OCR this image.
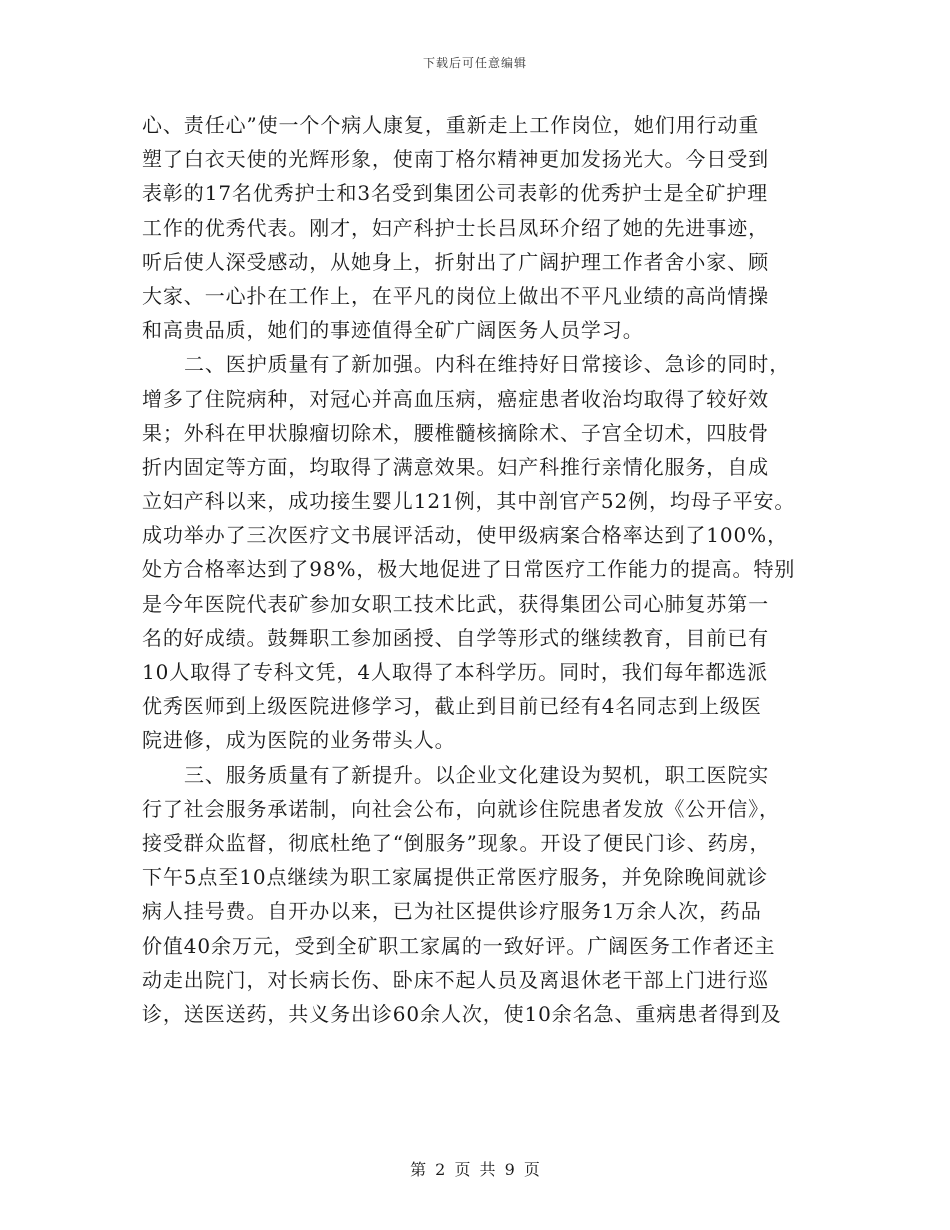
下载后可任意编辑
心、责任心”使一个个病人康复，重新走上工作岗位，她们用行动重
塑了白衣天使的光辉形象，使南丁格尔精神更加发扬光大。今日受到
表彰的17名优秀护士和3名受到集团公司表彰的优秀护士是全矿护理
工作的优秀代表。刚才，妇产科护士长吕凤环介绍了她的先进事迹，
听后使人深受感动，从她身上，折射出了广阔护理工作者舍小家、顾
大家、一心扑在工作上，在平凡的岗位上做出不平凡业绩的高尚情操
和高贵品质，她们的事迹值得全矿广阔医务人员学习。
二、医护质量有了新加强。内科在维持好日常接诊、急诊的同时，
增多了住院病种，对冠心并高血压病，癌症患者收治均取得了较好效
果；外科在甲状腺瘤切除术，腰椎髓核摘除术、子宫全切术，四肢骨
折内固定等方面，均取得了满意效果。妇产科推行亲情化服务，自成
立妇产科以来，成功接生婴儿121例，其中剖官产52例，均母子平安。
成功举办了三次医疗文书展评活动，使甲级病案合格率达到了100%，
处方合格率达到了98%，极大地促进了日常医疗工作能力的提高。特别
是今年医院代表矿参加女职工技术比武，获得集团公司心肺复苏第一
名的好成绩。鼓舞职工参加函授、自学等形式的继续教育，目前已有
10人取得了专科文凭，4人取得了本科学历。同时，我们每年都选派
优秀医师到上级医院进修学习，截止到目前已经有4名同志到上级医
院进修，成为医院的业务带头人。
三、服务质量有了新提升。以企业文化建设为契机，职工医院实
行了社会服务承诺制，向社会公布，向就诊住院患者发放《公开信》，
接受群众监督，彻底杜绝了“倒服务”现象。开设了便民门诊、药房，
下午5点至10点继续为职工家属提供正常医疗服务，并免除晚间就诊
病人挂号费。自开办以来，已为社区提供诊疗服务1万余人次，药品
价值40余万元，受到全矿职工家属的一致好评。广阔医务工作者还主
动走出院门，对长病长伤、卧床不起人员及离退休老干部上门进行巡
诊，送医送药，共义务出诊60余人次，使10余名急、重病患者得到及
第 2 页 共 9 页
